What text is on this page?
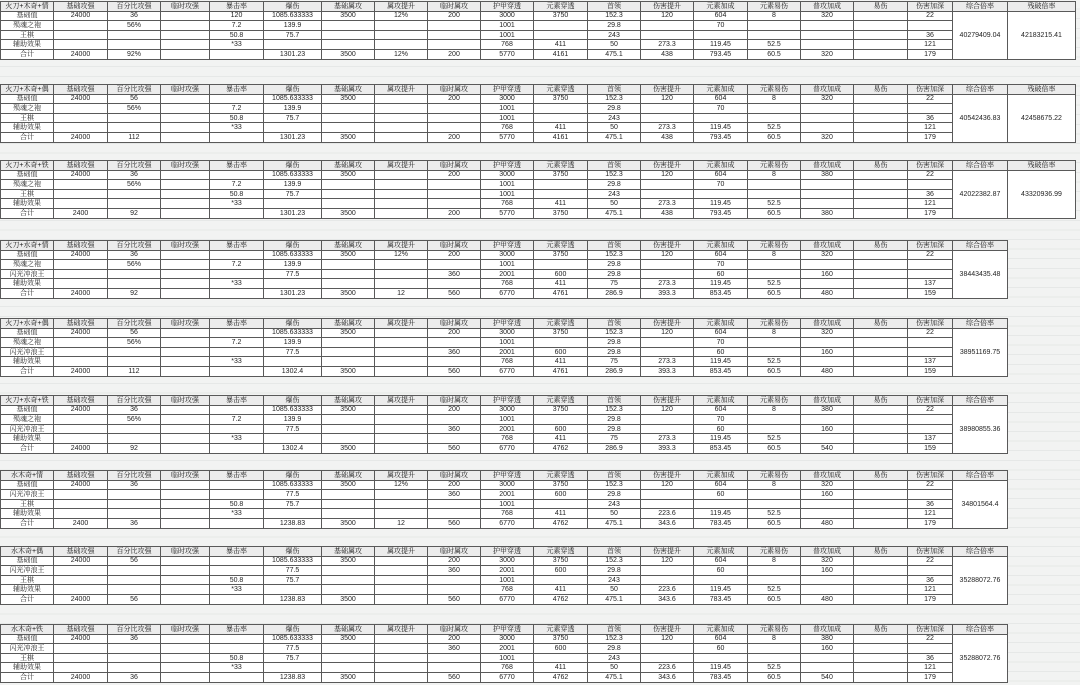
火刀+木奇+情	基础攻强	百分比攻强	临时攻强	暴击率	爆伤	基础属攻	属攻提升	临时属攻	护甲穿透	元素穿透	首领	伤害提升	元素加成	元素易伤	普攻加成	易伤	伤害加深	综合倍率	残破倍率
基础值	24000	36		120	1085.633333	3500	12%	200	3000	3750	152.3	120	604	8	320		22	40279409.04	42183215.41
殒魂之袍		56%		7.2	139.9				1001		29.8		70						
王棋				50.8	75.7				1001		243						36		
辅助效果				*33					768	411	50	273.3	119.45	52.5			121		
合计	24000	92%			1301.23	3500	12%	200	5770	4161	475.1	438	793.45	60.5	320		179		
火刀+木奇+偶	基础攻强	百分比攻强	临时攻强	暴击率	爆伤	基础属攻	属攻提升	临时属攻	护甲穿透	元素穿透	首领	伤害提升	元素加成	元素易伤	普攻加成	易伤	伤害加深	综合倍率	残破倍率
基础值	24000	56			1085.633333	3500		200	3000	3750	152.3	120	604	8	320		22	40542436.83	42458675.22
殒魂之袍		56%		7.2	139.9				1001		29.8		70						
王棋				50.8	75.7				1001		243						36		
辅助效果				*33					768	411	50	273.3	119.45	52.5			121		
合计	24000	112			1301.23	3500		200	5770	4161	475.1	438	793.45	60.5	320		179		
火刀+木奇+铁	基础攻强	百分比攻强	临时攻强	暴击率	爆伤	基础属攻	属攻提升	临时属攻	护甲穿透	元素穿透	首领	伤害提升	元素加成	元素易伤	普攻加成	易伤	伤害加深	综合倍率	残破倍率
基础值	24000	36			1085.633333	3500		200	3000	3750	152.3	120	604	8	380		22	42022382.87	43320936.99
殒魂之袍		56%		7.2	139.9				1001		29.8		70						
王棋				50.8	75.7				1001		243						36		
辅助效果				*33					768	411	50	273.3	119.45	52.5			121		
合计	2400	92			1301.23	3500		200	5770	3750	475.1	438	793.45	60.5	380		179		
火刀+水奇+情	基础攻强	百分比攻强	临时攻强	暴击率	爆伤	基础属攻	属攻提升	临时属攻	护甲穿透	元素穿透	首领	伤害提升	元素加成	元素易伤	普攻加成	易伤	伤害加深	综合倍率
基础值	24000	36			1085.633333	3500	12%	200	3000	3750	152.3	120	604	8	320		22	38443435.48
殒魂之袍		56%		7.2	139.9				1001		29.8		70					
闪光冲浪王					77.5			360	2001	600	29.8		60		160			
辅助效果				*33					768	411	75	273.3	119.45	52.5			137	
合计	24000	92			1301.23	3500	12	560	6770	4761	286.9	393.3	853.45	60.5	480		159	
火刀+水奇+偶	基础攻强	百分比攻强	临时攻强	暴击率	爆伤	基础属攻	属攻提升	临时属攻	护甲穿透	元素穿透	首领	伤害提升	元素加成	元素易伤	普攻加成	易伤	伤害加深	综合倍率
基础值	24000	56			1085.633333	3500		200	3000	3750	152.3	120	604	8	320		22	38951169.75
殒魂之袍		56%		7.2	139.9				1001		29.8		70					
闪光冲浪王					77.5			360	2001	600	29.8		60		160			
辅助效果				*33					768	411	75	273.3	119.45	52.5			137	
合计	24000	112			1302.4	3500		560	6770	4761	286.9	393.3	853.45	60.5	480		159	
火刀+水奇+铁	基础攻强	百分比攻强	临时攻强	暴击率	爆伤	基础属攻	属攻提升	临时属攻	护甲穿透	元素穿透	首领	伤害提升	元素加成	元素易伤	普攻加成	易伤	伤害加深	综合倍率
基础值	24000	36			1085.633333	3500		200	3000	3750	152.3	120	604	8	380		22	38980855.36
殒魂之袍		56%		7.2	139.9				1001		29.8		70					
闪光冲浪王					77.5			360	2001	600	29.8		60		160			
辅助效果				*33					768	411	75	273.3	119.45	52.5			137	
合计	24000	92			1302.4	3500		560	6770	4762	286.9	393.3	853.45	60.5	540		159	
水木奇+情	基础攻强	百分比攻强	临时攻强	暴击率	爆伤	基础属攻	属攻提升	临时属攻	护甲穿透	元素穿透	首领	伤害提升	元素加成	元素易伤	普攻加成	易伤	伤害加深	综合倍率
基础值	24000	36			1085.633333	3500	12%	200	3000	3750	152.3	120	604	8	320		22	34801564.4
闪光冲浪王					77.5			360	2001	600	29.8		60		160			
王棋				50.8	75.7				1001		243						36	
辅助效果				*33					768	411	50	223.6	119.45	52.5			121	
合计	2400	36			1238.83	3500	12	560	6770	4762	475.1	343.6	783.45	60.5	480		179	
水木奇+偶	基础攻强	百分比攻强	临时攻强	暴击率	爆伤	基础属攻	属攻提升	临时属攻	护甲穿透	元素穿透	首领	伤害提升	元素加成	元素易伤	普攻加成	易伤	伤害加深	综合倍率
基础值	24000	56			1085.633333	3500		200	3000	3750	152.3	120	604	8	320		22	35288072.76
闪光冲浪王					77.5			360	2001	600	29.8		60		160			
王棋				50.8	75.7				1001		243						36	
辅助效果				*33					768	411	50	223.6	119.45	52.5			121	
合计	24000	56			1238.83	3500		560	6770	4762	475.1	343.6	783.45	60.5	480		179	
水木奇+铁	基础攻强	百分比攻强	临时攻强	暴击率	爆伤	基础属攻	属攻提升	临时属攻	护甲穿透	元素穿透	首领	伤害提升	元素加成	元素易伤	普攻加成	易伤	伤害加深	综合倍率
基础值	24000	36			1085.633333	3500		200	3000	3750	152.3	120	604	8	380		22	35288072.76
闪光冲浪王					77.5			360	2001	600	29.8		60		160			
王棋				50.8	75.7				1001		243						36	
辅助效果				*33					768	411	50	223.6	119.45	52.5			121	
合计	24000	36			1238.83	3500		560	6770	4762	475.1	343.6	783.45	60.5	540		179	
